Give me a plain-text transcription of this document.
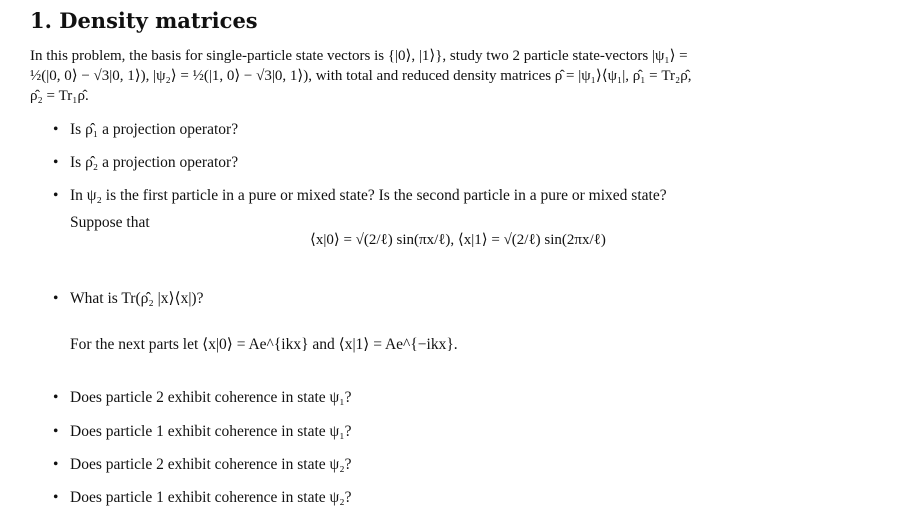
1. Density matrices

In this problem, the basis for single-particle state vectors is {|0⟩, |1⟩}, study two 2 particle state-vectors |ψ₁⟩ =

½(|0, 0⟩ − √3|0, 1⟩), |ψ₂⟩ = ½(|1, 0⟩ − √3|0, 1⟩), with total and reduced density matrices ρ̂ = |ψ₁⟩⟨ψ₁|, ρ̂₁ = Tr₂ρ̂,

ρ̂₂ = Tr₁ρ̂.

• Is ρ̂₁ a projection operator?
• Is ρ̂₂ a projection operator?
• In ψ₂ is the first particle in a pure or mixed state? Is the second particle in a pure or mixed state?
Suppose that
⟨x|0⟩ = √(2/ℓ) sin(πx/ℓ), ⟨x|1⟩ = √(2/ℓ) sin(2πx/ℓ)
• What is Tr(ρ̂₂ |x⟩⟨x|)?
For the next parts let ⟨x|0⟩ = Ae^{ikx} and ⟨x|1⟩ = Ae^{−ikx}.
• Does particle 2 exhibit coherence in state ψ₁?
• Does particle 1 exhibit coherence in state ψ₁?
• Does particle 2 exhibit coherence in state ψ₂?
• Does particle 1 exhibit coherence in state ψ₂?
